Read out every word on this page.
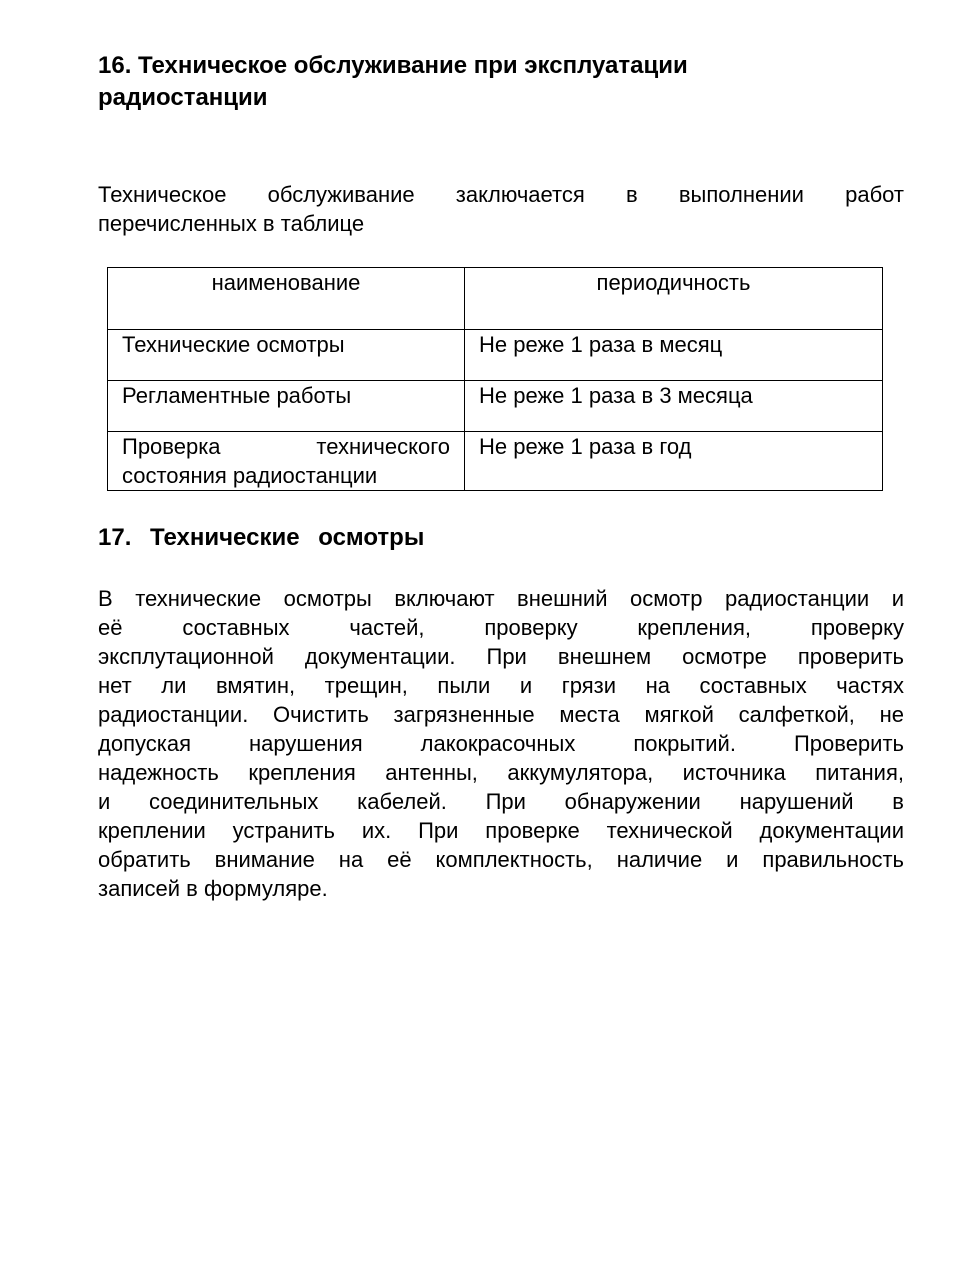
16. Техническое обслуживание при эксплуатации
радиостанции

Техническое обслуживание заключается в выполнении работ
перечисленных в таблице

наименование	периодичность
Технические осмотры	Не реже 1 раза в месяц
Регламентные работы	Не реже 1 раза в 3 месяца

Проверка технического
состояния радиостанции	Не реже 1 раза в год
17. Технические осмотры

В технические осмотры включают внешний осмотр радиостанции и
её составных частей, проверку крепления, проверку
эксплутационной документации. При внешнем осмотре проверить
нет ли вмятин, трещин, пыли и грязи на составных частях
радиостанции. Очистить загрязненные места мягкой салфеткой, не
допуская нарушения лакокрасочных покрытий. Проверить
надежность крепления антенны, аккумулятора, источника питания,
и соединительных кабелей. При обнаружении нарушений в
креплении устранить их. При проверке технической документации
обратить внимание на её комплектность, наличие и правильность
записей в формуляре.
